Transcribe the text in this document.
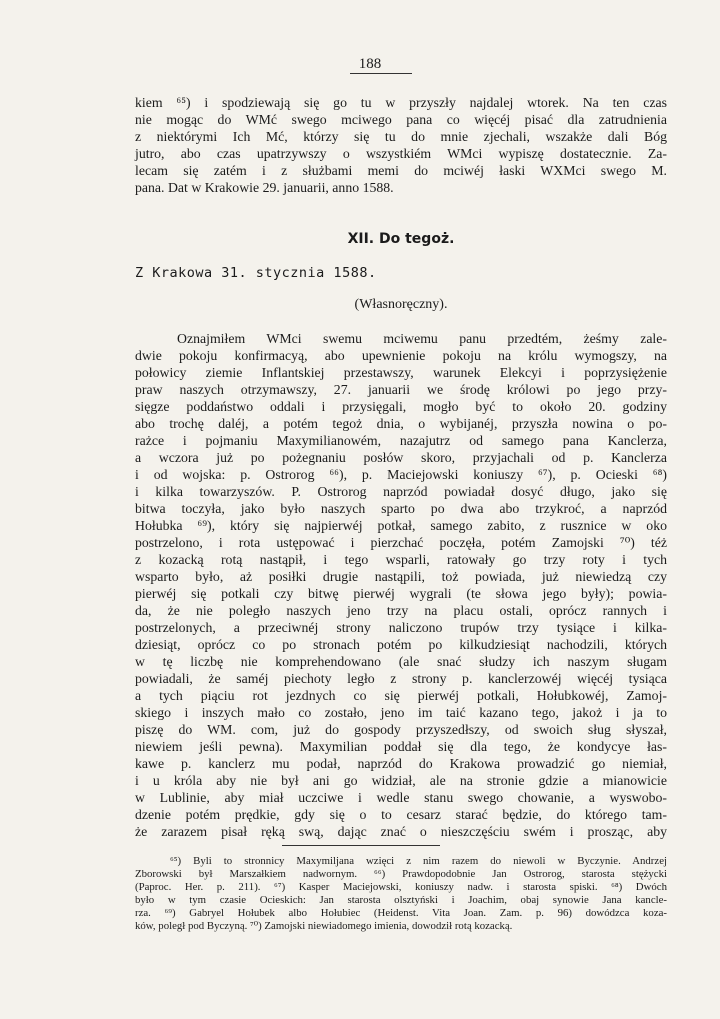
188
kiem ⁶⁵) i spodziewają się go tu w przyszły najdalej wtorek. Na ten czas
nie mogąc do WMć swego mciwego pana co więcéj pisać dla zatrudnienia
z niektórymi Ich Mć, którzy się tu do mnie zjechali, wszakże dali Bóg
jutro, abo czas upatrzywszy o wszystkiém WMci wypiszę dostatecznie. Za-
lecam się zatém i z służbami memi do mciwéj łaski WXMci swego M.
pana. Dat w Krakowie 29. januarii, anno 1588.
XII. Do tegoż.
Z Krakowa 31. stycznia 1588.
(Własnoręczny).
Oznajmiłem WMci swemu mciwemu panu przedtém, żeśmy zale-
dwie pokoju konfirmacyą, abo upewnienie pokoju na królu wymogszy, na
połowicy ziemie Inflantskiej przestawszy, warunek Elekcyi i poprzysiężenie
praw naszych otrzymawszy, 27. januarii we środę królowi po jego przy-
sięgze poddaństwo oddali i przysięgali, mogło być to około 20. godziny
abo trochę daléj, a potém tegoż dnia, o wybijanéj, przyszła nowina o po-
rażce i pojmaniu Maxymilianowém, nazajutrz od samego pana Kanclerza,
a wczora już po pożegnaniu posłów skoro, przyjachali od p. Kanclerza
i od wojska: p. Ostrorog ⁶⁶), p. Maciejowski koniuszy ⁶⁷), p. Ocieski ⁶⁸)
i kilka towarzyszów. P. Ostrorog naprzód powiadał dosyć długo, jako się
bitwa toczyła, jako było naszych sparto po dwa abo trzykroć, a naprzód
Hołubka ⁶⁹), który się najpierwéj potkał, samego zabito, z rusznice w oko
postrzelono, i rota ustępować i pierzchać poczęła, potém Zamojski ⁷⁰) téż
z kozacką rotą nastąpił, i tego wsparli, ratowały go trzy roty i tych
wsparto było, aż posiłki drugie nastąpili, toż powiada, już niewiedzą czy
pierwéj się potkali czy bitwę pierwéj wygrali (te słowa jego były); powia-
da, że nie poległo naszych jeno trzy na placu ostali, oprócz rannych i
postrzelonych, a przeciwnéj strony naliczono trupów trzy tysiące i kilka-
dziesiąt, oprócz co po stronach potém po kilkudziesiąt nachodzili, których
w tę liczbę nie komprehendowano (ale snać słudzy ich naszym sługam
powiadali, że saméj piechoty legło z strony p. kanclerzowéj więcéj tysiąca
a tych piąciu rot jezdnych co się pierwéj potkali, Hołubkowéj, Zamoj-
skiego i inszych mało co zostało, jeno im taić kazano tego, jakoż i ja to
piszę do WM. com, już do gospody przyszedłszy, od swoich sług słyszał,
niewiem jeśli pewna). Maxymilian poddał się dla tego, że kondycye łas-
kawe p. kanclerz mu podał, naprzód do Krakowa prowadzić go niemiał,
i u króla aby nie był ani go widział, ale na stronie gdzie a mianowicie
w Lublinie, aby miał uczciwe i wedle stanu swego chowanie, a wyswobo-
dzenie potém prędkie, gdy się o to cesarz starać będzie, do którego tam-
że zarazem pisał ręką swą, dając znać o nieszczęściu swém i prosząc, aby
⁶⁵) Byli to stronnicy Maxymiljana wzięci z nim razem do niewoli w Byczynie. Andrzej
Zborowski był Marszałkiem nadwornym. ⁶⁶) Prawdopodobnie Jan Ostrorog, starosta stężycki
(Paproc. Her. p. 211). ⁶⁷) Kasper Maciejowski, koniuszy nadw. i starosta spiski. ⁶⁸) Dwóch
było w tym czasie Ocieskich: Jan starosta olsztyński i Joachim, obaj synowie Jana kancle-
rza. ⁶⁹) Gabryel Hołubek albo Hołubiec (Heidenst. Vita Joan. Zam. p. 96) dowódzca koza-
ków, poległ pod Byczyną. ⁷⁰) Zamojski niewiadomego imienia, dowodził rotą kozacką.
